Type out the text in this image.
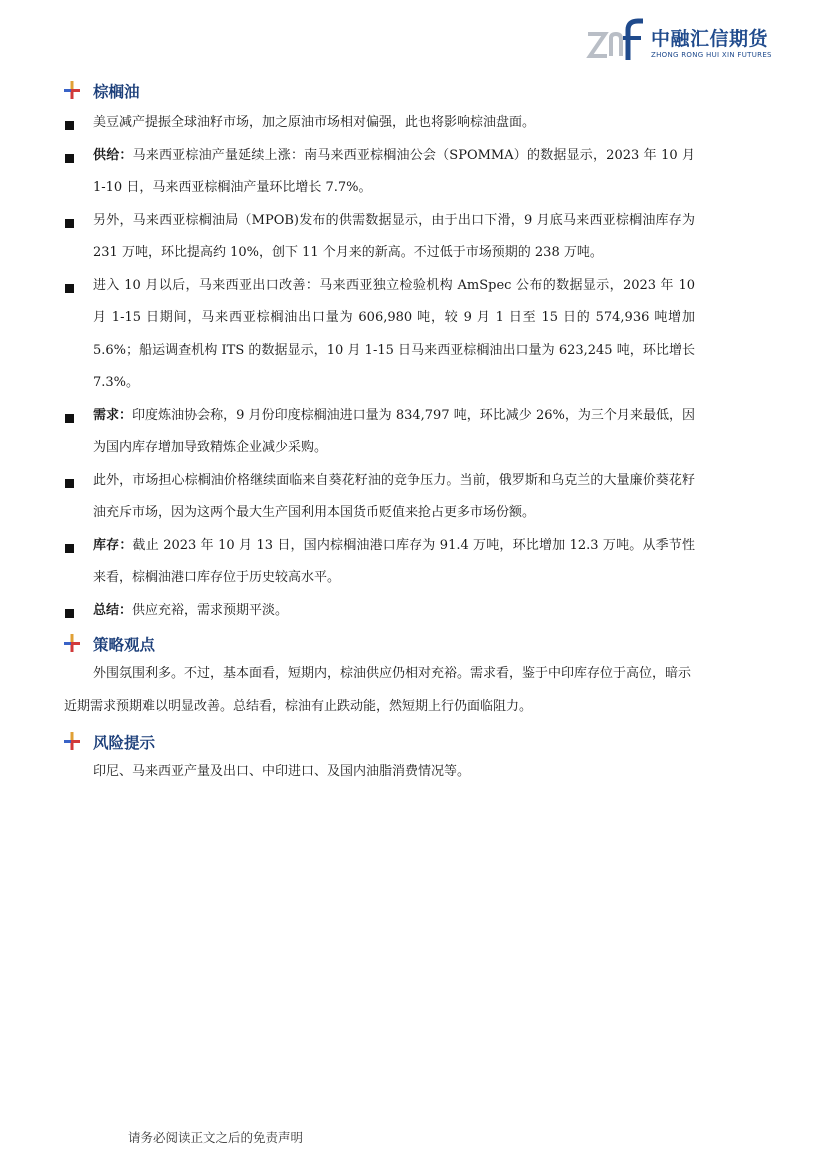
中融汇信期货
ZHONG RONG HUI XIN FUTURES
棕榈油
美豆减产提振全球油籽市场，加之原油市场相对偏强，此也将影响棕油盘面。
供给：马来西亚棕油产量延续上涨：南马来西亚棕榈油公会（SPOMMA）的数据显示，2023 年 10 月 1-10 日，马来西亚棕榈油产量环比增长 7.7%。
另外，马来西亚棕榈油局（MPOB)发布的供需数据显示，由于出口下滑，9 月底马来西亚棕榈油库存为 231 万吨，环比提高约 10%，创下 11 个月来的新高。不过低于市场预期的 238 万吨。
进入 10 月以后，马来西亚出口改善：马来西亚独立检验机构 AmSpec 公布的数据显示，2023 年 10 月 1-15 日期间，马来西亚棕榈油出口量为 606,980 吨，较 9 月 1 日至 15 日的 574,936 吨增加 5.6%；船运调查机构 ITS 的数据显示，10 月 1-15 日马来西亚棕榈油出口量为 623,245 吨，环比增长 7.3%。
需求：印度炼油协会称，9 月份印度棕榈油进口量为 834,797 吨，环比减少 26%，为三个月来最低，因为国内库存增加导致精炼企业减少采购。
此外，市场担心棕榈油价格继续面临来自葵花籽油的竞争压力。当前，俄罗斯和乌克兰的大量廉价葵花籽油充斥市场，因为这两个最大生产国利用本国货币贬值来抢占更多市场份额。
库存：截止 2023 年 10 月 13 日，国内棕榈油港口库存为 91.4 万吨，环比增加 12.3 万吨。从季节性来看，棕榈油港口库存位于历史较高水平。
总结：供应充裕，需求预期平淡。
策略观点
外围氛围利多。不过，基本面看，短期内，棕油供应仍相对充裕。需求看，鉴于中印库存位于高位，暗示近期需求预期难以明显改善。总结看，棕油有止跌动能，然短期上行仍面临阻力。
风险提示
印尼、马来西亚产量及出口、中印进口、及国内油脂消费情况等。
请务必阅读正文之后的免责声明
